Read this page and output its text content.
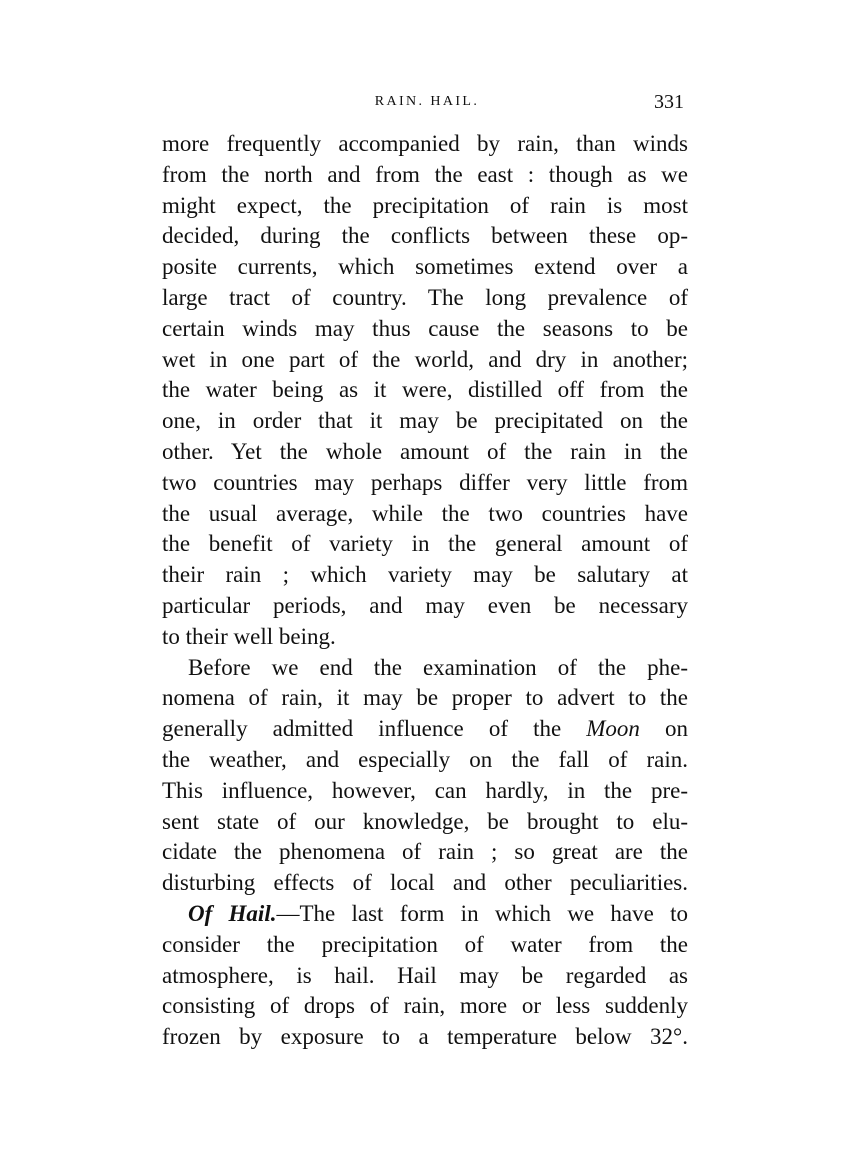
RAIN. HAIL.	331
more frequently accompanied by rain, than winds
from the north and from the east : though as we
might expect, the precipitation of rain is most
decided, during the conflicts between these op-
posite currents, which sometimes extend over a
large tract of country. The long prevalence of
certain winds may thus cause the seasons to be
wet in one part of the world, and dry in another;
the water being as it were, distilled off from the
one, in order that it may be precipitated on the
other. Yet the whole amount of the rain in the
two countries may perhaps differ very little from
the usual average, while the two countries have
the benefit of variety in the general amount of
their rain ; which variety may be salutary at
particular periods, and may even be necessary
to their well being.
Before we end the examination of the phe-
nomena of rain, it may be proper to advert to the
generally admitted influence of the Moon on
the weather, and especially on the fall of rain.
This influence, however, can hardly, in the pre-
sent state of our knowledge, be brought to elu-
cidate the phenomena of rain ; so great are the
disturbing effects of local and other peculiarities.
Of Hail.—The last form in which we have to
consider the precipitation of water from the
atmosphere, is hail. Hail may be regarded as
consisting of drops of rain, more or less suddenly
frozen by exposure to a temperature below 32°.
